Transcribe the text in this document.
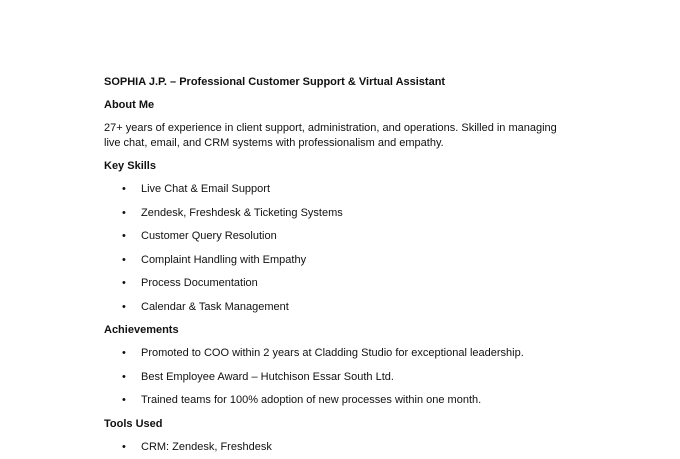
SOPHIA J.P. – Professional Customer Support & Virtual Assistant
About Me
27+ years of experience in client support, administration, and operations. Skilled in managing live chat, email, and CRM systems with professionalism and empathy.
Key Skills
• Live Chat & Email Support
• Zendesk, Freshdesk & Ticketing Systems
• Customer Query Resolution
• Complaint Handling with Empathy
• Process Documentation
• Calendar & Task Management
Achievements
• Promoted to COO within 2 years at Cladding Studio for exceptional leadership.
• Best Employee Award – Hutchison Essar South Ltd.
• Trained teams for 100% adoption of new processes within one month.
Tools Used
• CRM: Zendesk, Freshdesk
